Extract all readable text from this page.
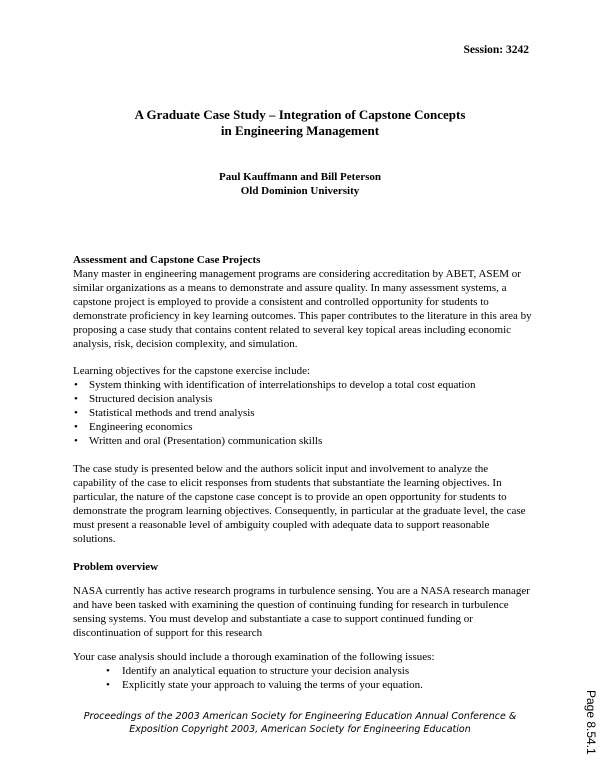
Session: 3242
A Graduate Case Study – Integration of Capstone Concepts
in Engineering Management
Paul Kauffmann and Bill Peterson
Old Dominion University

Assessment and Capstone Case Projects

Many master in engineering management programs are considering accreditation by ABET, ASEM or similar organizations as a means to demonstrate and assure quality. In many assessment systems, a capstone project is employed to provide a consistent and controlled opportunity for students to demonstrate proficiency in key learning outcomes. This paper contributes to the literature in this area by proposing a case study that contains content related to several key topical areas including economic analysis, risk, decision complexity, and simulation.

Learning objectives for the capstone exercise include:

• System thinking with identification of interrelationships to develop a total cost equation
• Structured decision analysis
• Statistical methods and trend analysis
• Engineering economics
• Written and oral (Presentation) communication skills

The case study is presented below and the authors solicit input and involvement to analyze the capability of the case to elicit responses from students that substantiate the learning objectives. In particular, the nature of the capstone case concept is to provide an open opportunity for students to demonstrate the program learning objectives. Consequently, in particular at the graduate level, the case must present a reasonable level of ambiguity coupled with adequate data to support reasonable solutions.

Problem overview

NASA currently has active research programs in turbulence sensing. You are a NASA research manager and have been tasked with examining the question of continuing funding for research in turbulence sensing systems. You must develop and substantiate a case to support continued funding or discontinuation of support for this research

Your case analysis should include a thorough examination of the following issues:

• Identify an analytical equation to structure your decision analysis
• Explicitly state your approach to valuing the terms of your equation.
Proceedings of the 2003 American Society for Engineering Education Annual Conference &
Exposition Copyright 2003, American Society for Engineering Education	Page 8.54.1
